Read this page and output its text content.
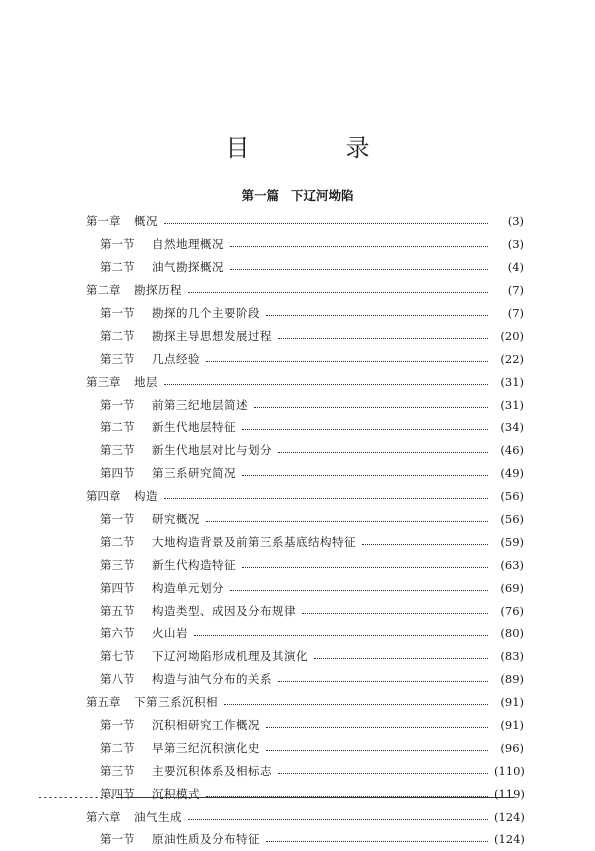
目　录
第一篇 下辽河坳陷
第一章	概况	(3)
第一节	自然地理概况	(3)
第二节	油气勘探概况	(4)
第二章	勘探历程	(7)
第一节	勘探的几个主要阶段	(7)
第二节	勘探主导思想发展过程	(20)
第三节	几点经验	(22)
第三章	地层	(31)
第一节	前第三纪地层简述	(31)
第二节	新生代地层特征	(34)
第三节	新生代地层对比与划分	(46)
第四节	第三系研究简况	(49)
第四章	构造	(56)
第一节	研究概况	(56)
第二节	大地构造背景及前第三系基底结构特征	(59)
第三节	新生代构造特征	(63)
第四节	构造单元划分	(69)
第五节	构造类型、成因及分布规律	(76)
第六节	火山岩	(80)
第七节	下辽河坳陷形成机理及其演化	(83)
第八节	构造与油气分布的关系	(89)
第五章	下第三系沉积相	(91)
第一节	沉积相研究工作概况	(91)
第二节	早第三纪沉积演化史	(96)
第三节	主要沉积体系及相标志	(110)
第四节	沉积模式	(119)
第六章	油气生成	(124)
第一节	原油性质及分布特征	(124)
